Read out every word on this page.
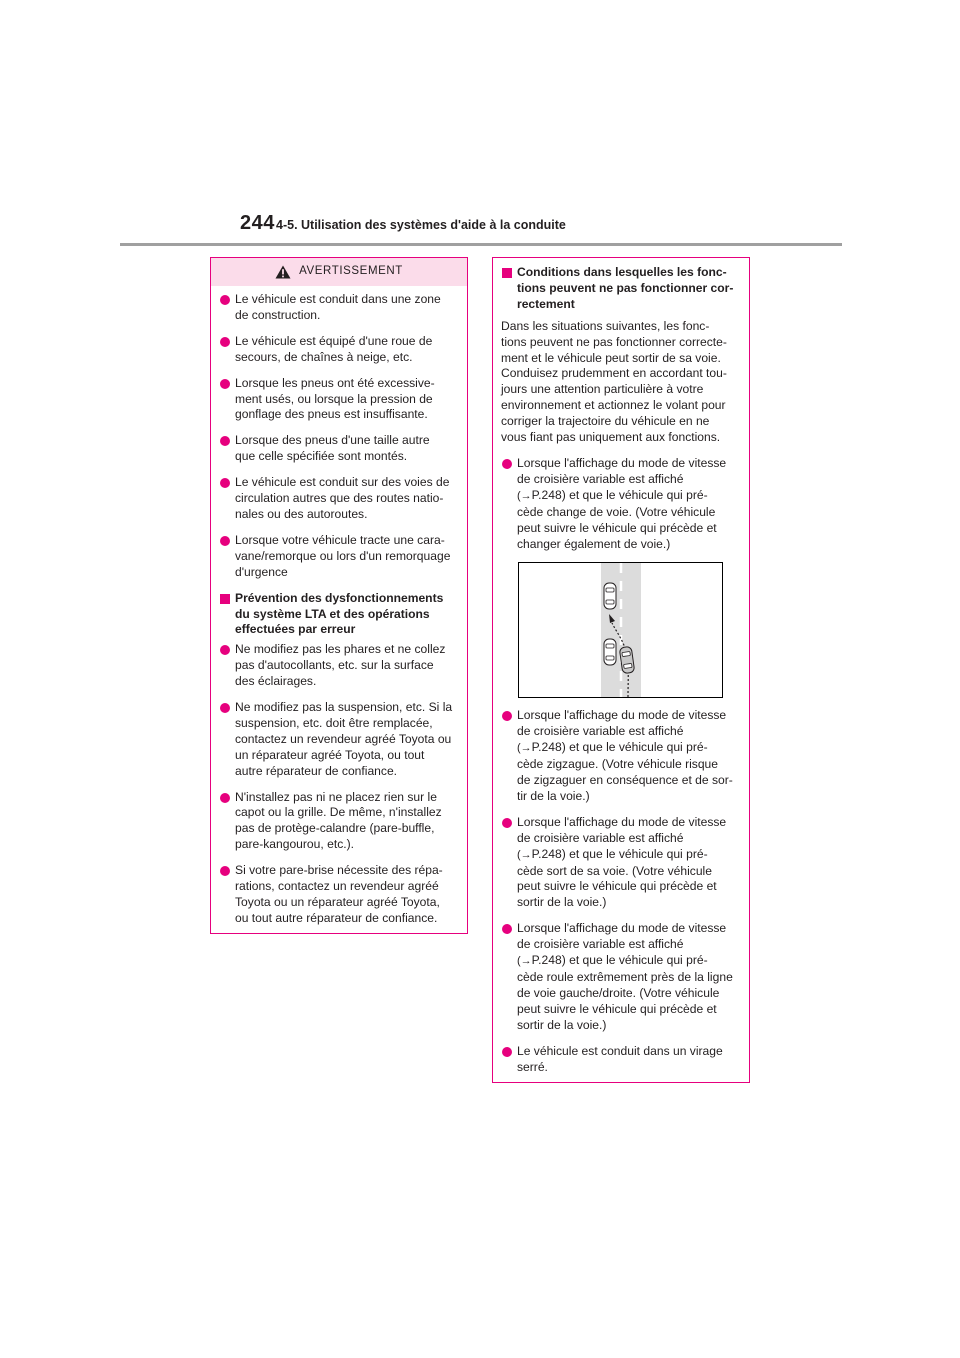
244 4-5. Utilisation des systèmes d'aide à la conduite
AVERTISSEMENT
Le véhicule est conduit dans une zone
de construction.
Le véhicule est équipé d'une roue de
secours, de chaînes à neige, etc.
Lorsque les pneus ont été excessive-
ment usés, ou lorsque la pression de
gonflage des pneus est insuffisante.
Lorsque des pneus d'une taille autre
que celle spécifiée sont montés.
Le véhicule est conduit sur des voies de
circulation autres que des routes natio-
nales ou des autoroutes.
Lorsque votre véhicule tracte une cara-
vane/remorque ou lors d'un remorquage
d'urgence
Prévention des dysfonctionnements
du système LTA et des opérations
effectuées par erreur
Ne modifiez pas les phares et ne collez
pas d'autocollants, etc. sur la surface
des éclairages.
Ne modifiez pas la suspension, etc. Si la
suspension, etc. doit être remplacée,
contactez un revendeur agréé Toyota ou
un réparateur agréé Toyota, ou tout
autre réparateur de confiance.
N'installez pas ni ne placez rien sur le
capot ou la grille. De même, n'installez
pas de protège-calandre (pare-buffle,
pare-kangourou, etc.).
Si votre pare-brise nécessite des répa-
rations, contactez un revendeur agréé
Toyota ou un réparateur agréé Toyota,
ou tout autre réparateur de confiance.
Conditions dans lesquelles les fonc-
tions peuvent ne pas fonctionner cor-
rectement
Dans les situations suivantes, les fonc-
tions peuvent ne pas fonctionner correcte-
ment et le véhicule peut sortir de sa voie.
Conduisez prudemment en accordant tou-
jours une attention particulière à votre
environnement et actionnez le volant pour
corriger la trajectoire du véhicule en ne
vous fiant pas uniquement aux fonctions.
Lorsque l'affichage du mode de vitesse
de croisière variable est affiché
(→P.248) et que le véhicule qui pré-
cède change de voie. (Votre véhicule
peut suivre le véhicule qui précède et
changer également de voie.)
Lorsque l'affichage du mode de vitesse
de croisière variable est affiché
(→P.248) et que le véhicule qui pré-
cède zigzague. (Votre véhicule risque
de zigzaguer en conséquence et de sor-
tir de la voie.)
Lorsque l'affichage du mode de vitesse
de croisière variable est affiché
(→P.248) et que le véhicule qui pré-
cède sort de sa voie. (Votre véhicule
peut suivre le véhicule qui précède et
sortir de la voie.)
Lorsque l'affichage du mode de vitesse
de croisière variable est affiché
(→P.248) et que le véhicule qui pré-
cède roule extrêmement près de la ligne
de voie gauche/droite. (Votre véhicule
peut suivre le véhicule qui précède et
sortir de la voie.)
Le véhicule est conduit dans un virage
serré.
